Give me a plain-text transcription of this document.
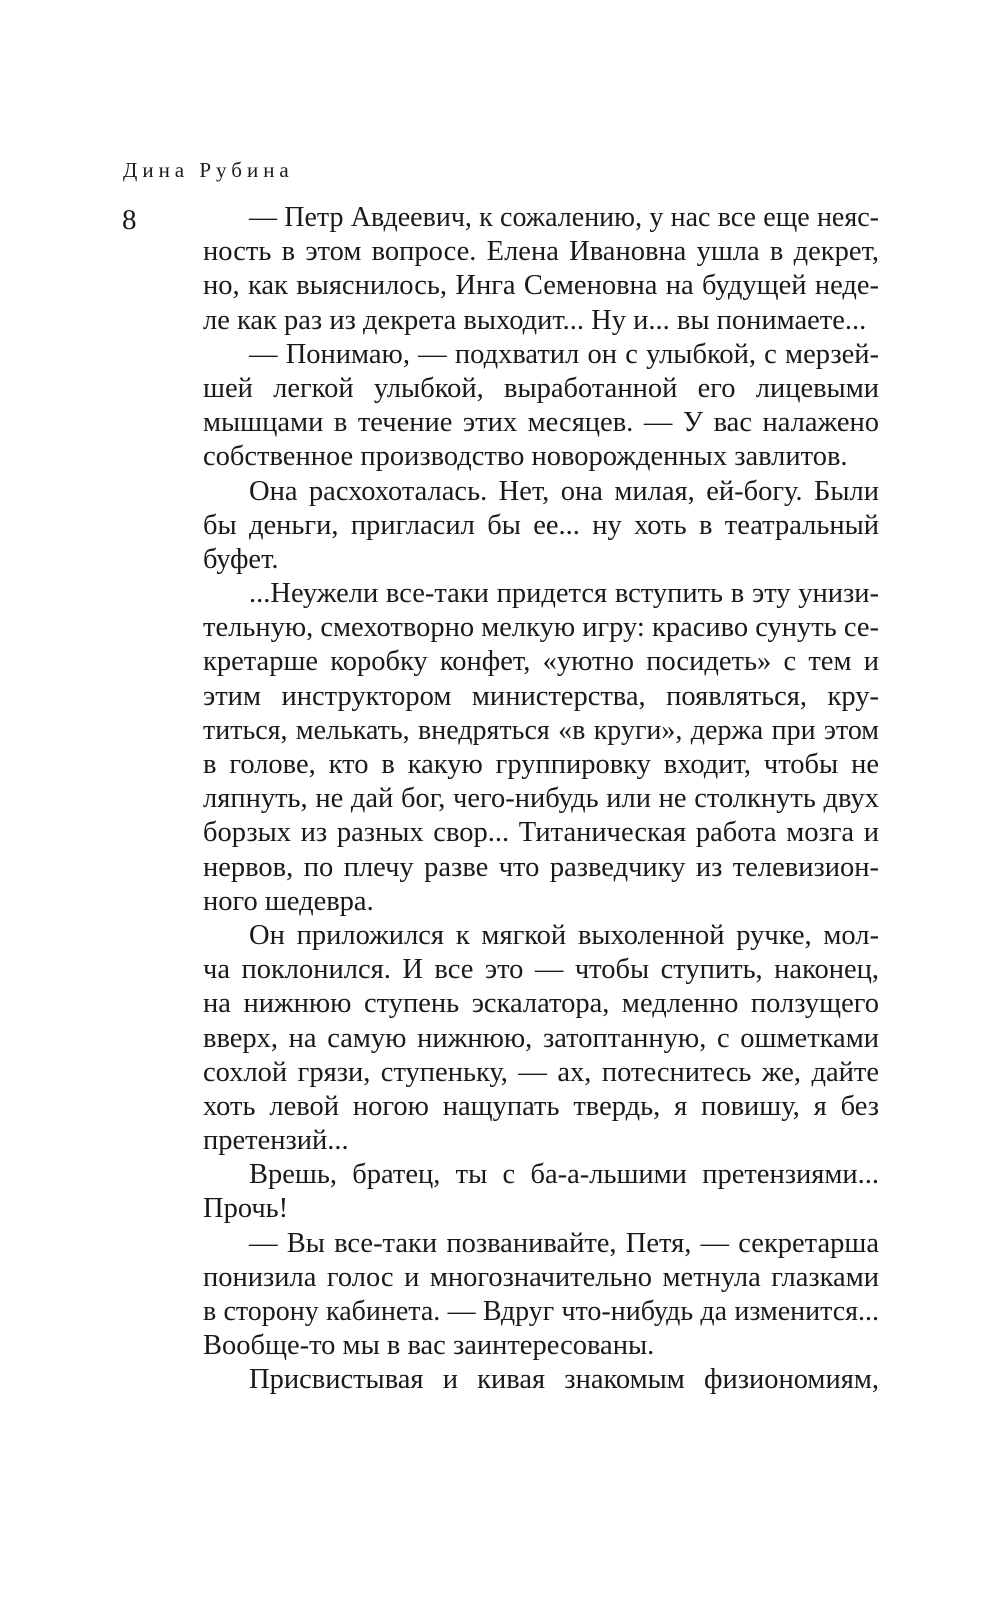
Дина Рубина
8	— Петр Авдеевич, к сожалению, у нас все еще неяс-
ность в этом вопросе. Елена Ивановна ушла в декрет,
но, как выяснилось, Инга Семеновна на будущей неде-
ле как раз из декрета выходит... Ну и... вы понимаете...
— Понимаю, — подхватил он с улыбкой, с мерзей-
шей легкой улыбкой, выработанной его лицевыми
мышцами в течение этих месяцев. — У вас налажено
собственное производство новорожденных завлитов.
Она расхохоталась. Нет, она милая, ей-богу. Были
бы деньги, пригласил бы ее... ну хоть в театральный
буфет.
...Неужели все-таки придется вступить в эту унизи-
тельную, смехотворно мелкую игру: красиво сунуть се-
кретарше коробку конфет, «уютно посидеть» с тем и
этим инструктором министерства, появляться, кру-
титься, мелькать, внедряться «в круги», держа при этом
в голове, кто в какую группировку входит, чтобы не
ляпнуть, не дай бог, чего-нибудь или не столкнуть двух
борзых из разных свор... Титаническая работа мозга и
нервов, по плечу разве что разведчику из телевизион-
ного шедевра.
Он приложился к мягкой выхоленной ручке, мол-
ча поклонился. И все это — чтобы ступить, наконец,
на нижнюю ступень эскалатора, медленно ползущего
вверх, на самую нижнюю, затоптанную, с ошметками
сохлой грязи, ступеньку, — ах, потеснитесь же, дайте
хоть левой ногою нащупать твердь, я повишу, я без
претензий...
Врешь, братец, ты с ба-а-льшими претензиями...
Прочь!
— Вы все-таки позванивайте, Петя, — секретарша
понизила голос и многозначительно метнула глазками
в сторону кабинета. — Вдруг что-нибудь да изменится...
Вообще-то мы в вас заинтересованы.
Присвистывая и кивая знакомым физиономиям,
